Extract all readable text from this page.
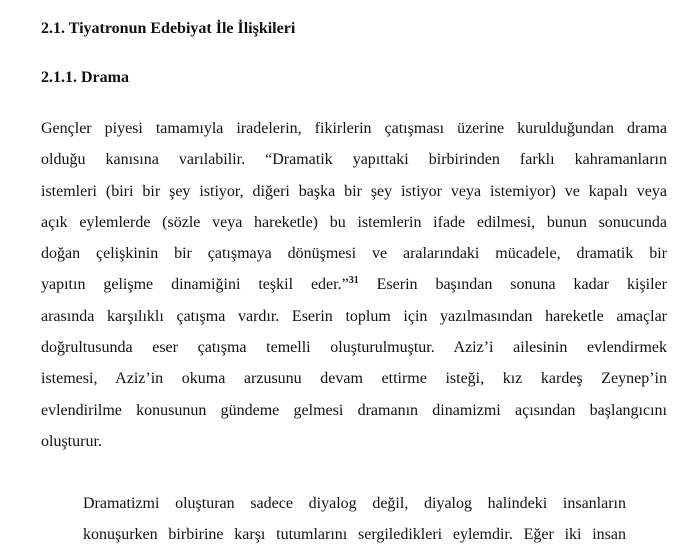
2.1. Tiyatronun Edebiyat İle İlişkileri
2.1.1. Drama
Gençler piyesi tamamıyla iradelerin, fikirlerin çatışması üzerine kurulduğundan drama
olduğu kanısına varılabilir. “Dramatik yapıttaki birbirinden farklı kahramanların
istemleri (biri bir şey istiyor, diğeri başka bir şey istiyor veya istemiyor) ve kapalı veya
açık eylemlerde (sözle veya hareketle) bu istemlerin ifade edilmesi, bunun sonucunda
doğan çelişkinin bir çatışmaya dönüşmesi ve aralarındaki mücadele, dramatik bir
yapıtın gelişme dinamiğini teşkil eder.”$^{31}$ Eserin başından sonuna kadar kişiler
arasında karşılıklı çatışma vardır. Eserin toplum için yazılmasından hareketle amaçlar
doğrultusunda eser çatışma temelli oluşturulmuştur. Aziz’i ailesinin evlendirmek
istemesi, Aziz’in okuma arzusunu devam ettirme isteği, kız kardeş Zeynep’in
evlendirilme konusunun gündeme gelmesi dramanın dinamizmi açısından başlangıcını
oluşturur.
Dramatizmi oluşturan sadece diyalog değil, diyalog halindeki insanların
konuşurken birbirine karşı tutumlarını sergiledikleri eylemdir. Eğer iki insan
